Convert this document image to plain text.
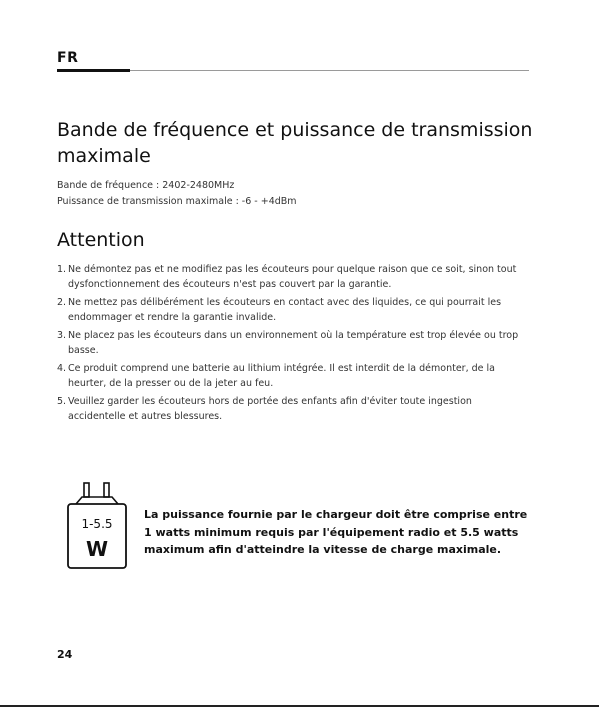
FR
Bande de fréquence et puissance de transmission maximale
Bande de fréquence : 2402-2480MHz
Puissance de transmission maximale : -6 - +4dBm
Attention
1. Ne démontez pas et ne modifiez pas les écouteurs pour quelque raison que ce soit, sinon tout dysfonctionnement des écouteurs n'est pas couvert par la garantie.
2. Ne mettez pas délibérément les écouteurs en contact avec des liquides, ce qui pourrait les endommager et rendre la garantie invalide.
3. Ne placez pas les écouteurs dans un environnement où la température est trop élevée ou trop basse.
4. Ce produit comprend une batterie au lithium intégrée. Il est interdit de la démonter, de la heurter, de la presser ou de la jeter au feu.
5. Veuillez garder les écouteurs hors de portée des enfants afin d'éviter toute ingestion accidentelle et autres blessures.
1-5.5
W
La puissance fournie par le chargeur doit être comprise entre 1 watts minimum requis par l'équipement radio et 5.5 watts maximum afin d'atteindre la vitesse de charge maximale.
24
